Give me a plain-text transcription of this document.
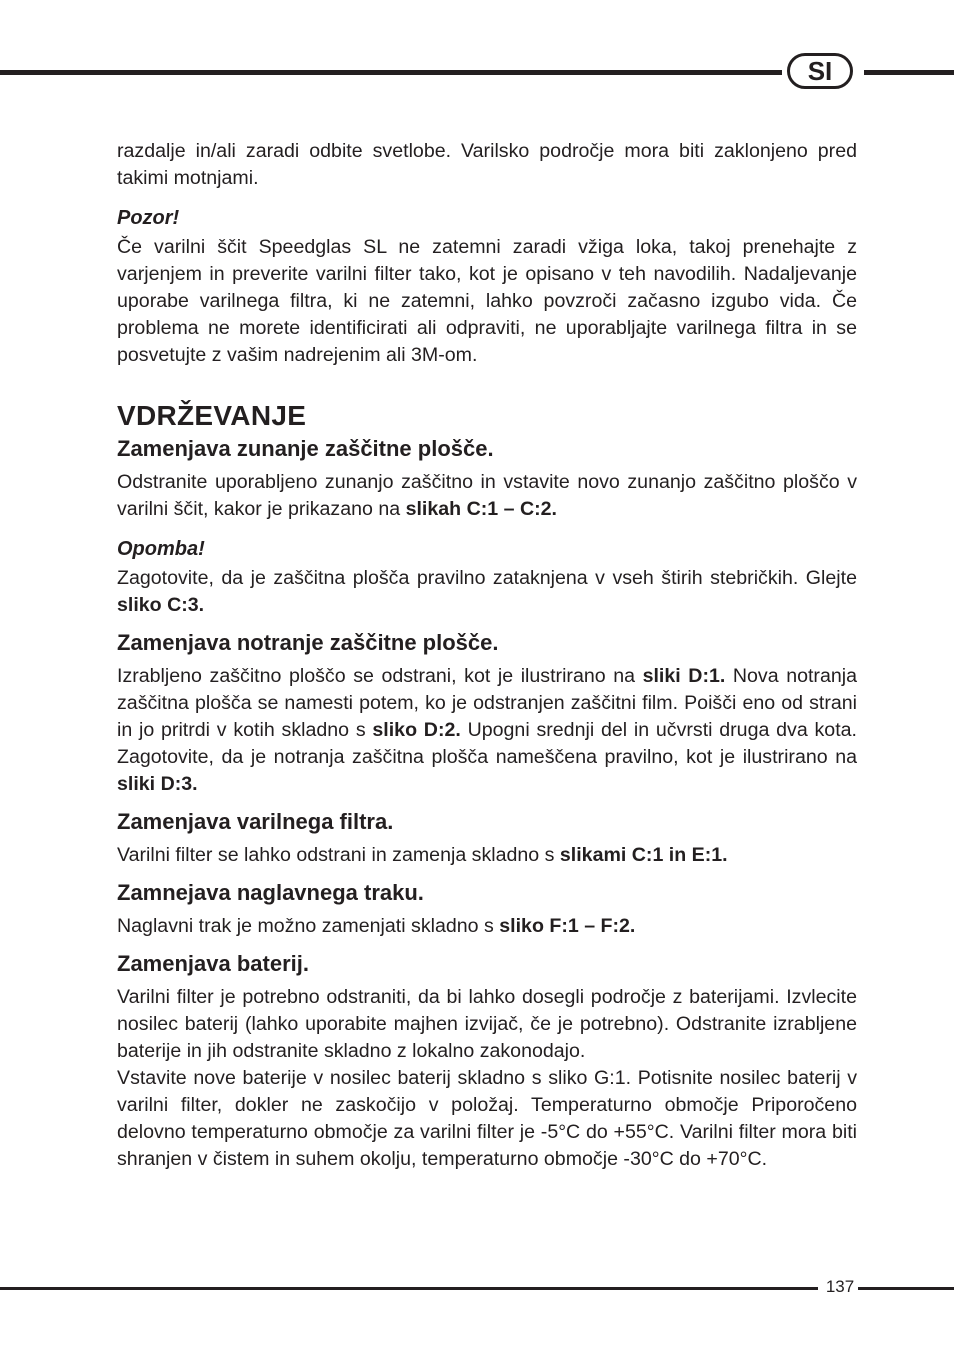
SI

razdalje in/ali zaradi odbite svetlobe. Varilsko področje mora biti zaklonjeno pred takimi motnjami.

Pozor!

Če varilni ščit Speedglas SL ne zatemni zaradi vžiga loka, takoj prenehajte z varjenjem in preverite varilni filter tako, kot je opisano v teh navodilih. Nadaljevanje uporabe varilnega filtra, ki ne zatemni, lahko povzroči začasno izgubo vida. Če problema ne morete identificirati ali odpraviti, ne uporabljajte varilnega filtra in se posvetujte z vašim nadrejenim ali 3M-om.

VDRŽEVANJE
Zamenjava zunanje zaščitne plošče.

Odstranite uporabljeno zunanjo zaščitno in vstavite novo zunanjo zaščitno ploščo v varilni ščit, kakor je prikazano na slikah C:1 – C:2.

Opomba!

Zagotovite, da je zaščitna plošča pravilno zataknjena v vseh štirih stebričkih. Glejte sliko C:3.

Zamenjava notranje zaščitne plošče.

Izrabljeno zaščitno ploščo se odstrani, kot je ilustrirano na sliki D:1. Nova notranja zaščitna plošča se namesti potem, ko je odstranjen zaščitni film. Poišči eno od strani in jo pritrdi v kotih skladno s sliko D:2. Upogni srednji del in učvrsti druga dva kota. Zagotovite, da je notranja zaščitna plošča nameščena pravilno, kot je ilustrirano na sliki D:3.

Zamenjava varilnega filtra.

Varilni filter se lahko odstrani in zamenja skladno s slikami C:1 in E:1.

Zamnejava naglavnega traku.

Naglavni trak je možno zamenjati skladno s sliko F:1 – F:2.

Zamenjava baterij.

Varilni filter je potrebno odstraniti, da bi lahko dosegli področje z baterijami. Izvlecite nosilec baterij (lahko uporabite majhen izvijač, če je potrebno). Odstranite izrabljene baterije in jih odstranite skladno z lokalno zakonodajo.

Vstavite nove baterije v nosilec baterij skladno s sliko G:1. Potisnite nosilec baterij v varilni filter, dokler ne zaskočijo v položaj. Temperaturno območje Priporočeno delovno temperaturno območje za varilni filter je -5°C do +55°C. Varilni filter mora biti shranjen v čistem in suhem okolju, temperaturno območje -30°C do +70°C.

137
